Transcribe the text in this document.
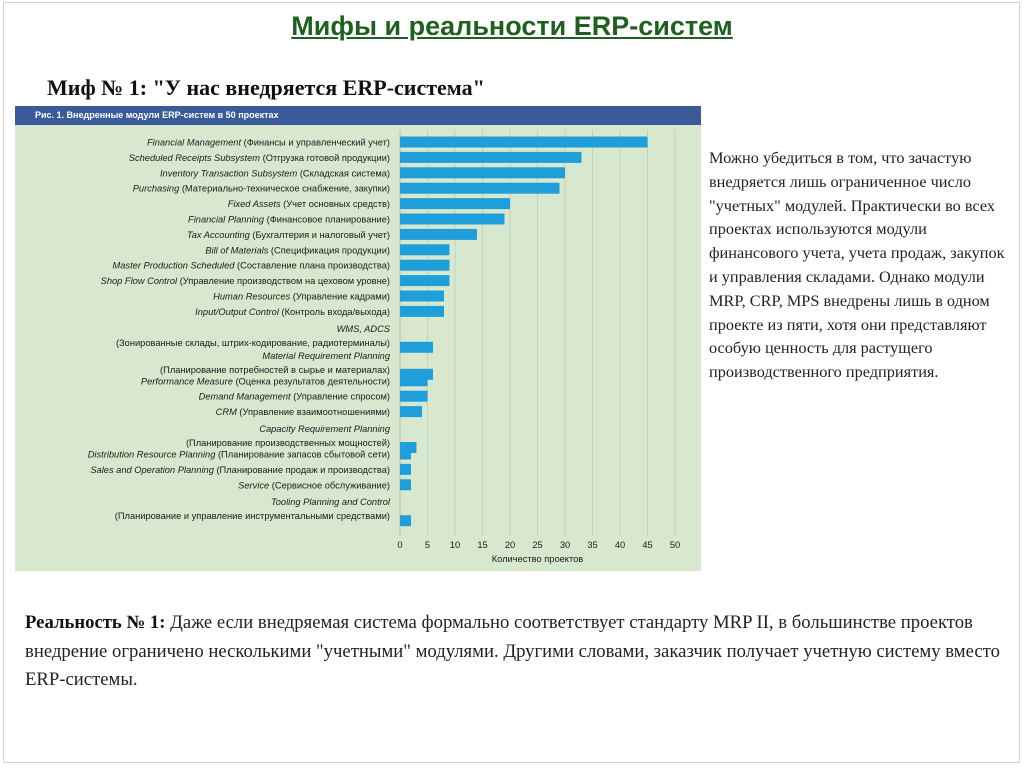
Мифы и реальности ERP-систем
Миф № 1: "У нас внедряется ERP-система"
Financial Management (Финансы и управленческий учет)
Scheduled Receipts Subsystem (Отгрузка готовой продукции)
Inventory Transaction Subsystem (Складская система)
Purchasing (Материально-техническое снабжение, закупки)
Fixed Assets (Учет основных средств)
Financial Planning (Финансовое планирование)
Tax Accounting (Бухгалтерия и налоговый учет)
Bill of Materials (Спецификация продукции)
Master Production Scheduled (Составление плана производства)
Shop Flow Control (Управление производством на цеховом уровне)
Human Resources (Управление кадрами)
Input/Output Control (Контроль входа/выхода)
WMS, ADCS
(Зонированные склады, штрих-кодирование, радиотерминалы)
Material Requirement Planning
(Планирование потребностей в сырье и материалах)
Performance Measure (Оценка результатов деятельности)
Demand Management (Управление спросом)
CRM (Управление взаимоотношениями)
Capacity Requirement Planning
(Планирование производственных мощностей)
Distribution Resource Planning (Планирование запасов сбытовой сети)
Sales and Operation Planning (Планирование продаж и производства)
Service (Сервисное обслуживание)
Tooling Planning and Control
(Планирование и управление инструментальными средствами)
0 5 10 15 20 25 30 35 40 45 50
Количество проектов
Рис. 1. Внедренные модули ERP-систем в 50 проектах
Можно убедиться в том, что зачастую внедряется лишь ограниченное число "учетных" модулей. Практически во всех проектах используются модули финансового учета, учета продаж, закупок и управления складами. Однако модули MRP, CRP, MPS внедрены лишь в одном проекте из пяти, хотя они представляют особую ценность для растущего производственного предприятия.
Реальность № 1: Даже если внедряемая система формально соответствует стандарту MRP II, в большинстве проектов внедрение ограничено несколькими "учетными" модулями. Другими словами, заказчик получает учетную систему вместо ERP-системы.
